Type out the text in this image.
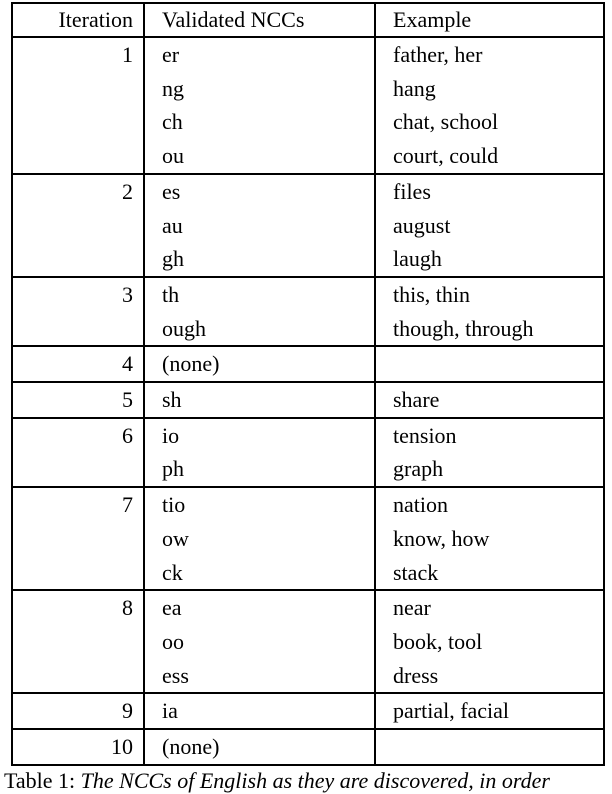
Iteration	Validated NCCs	Example
1	er	father, her
	ng	hang
	ch	chat, school
	ou	court, could
2	es	files
	au	august
	gh	laugh
3	th	this, thin
	ough	though, through
4	(none)	
5	sh	share
6	io	tension
	ph	graph
7	tio	nation
	ow	know, how
	ck	stack
8	ea	near
	oo	book, tool
	ess	dress
9	ia	partial, facial
10	(none)	
Table 1: The NCCs of English as they are discovered, in order
